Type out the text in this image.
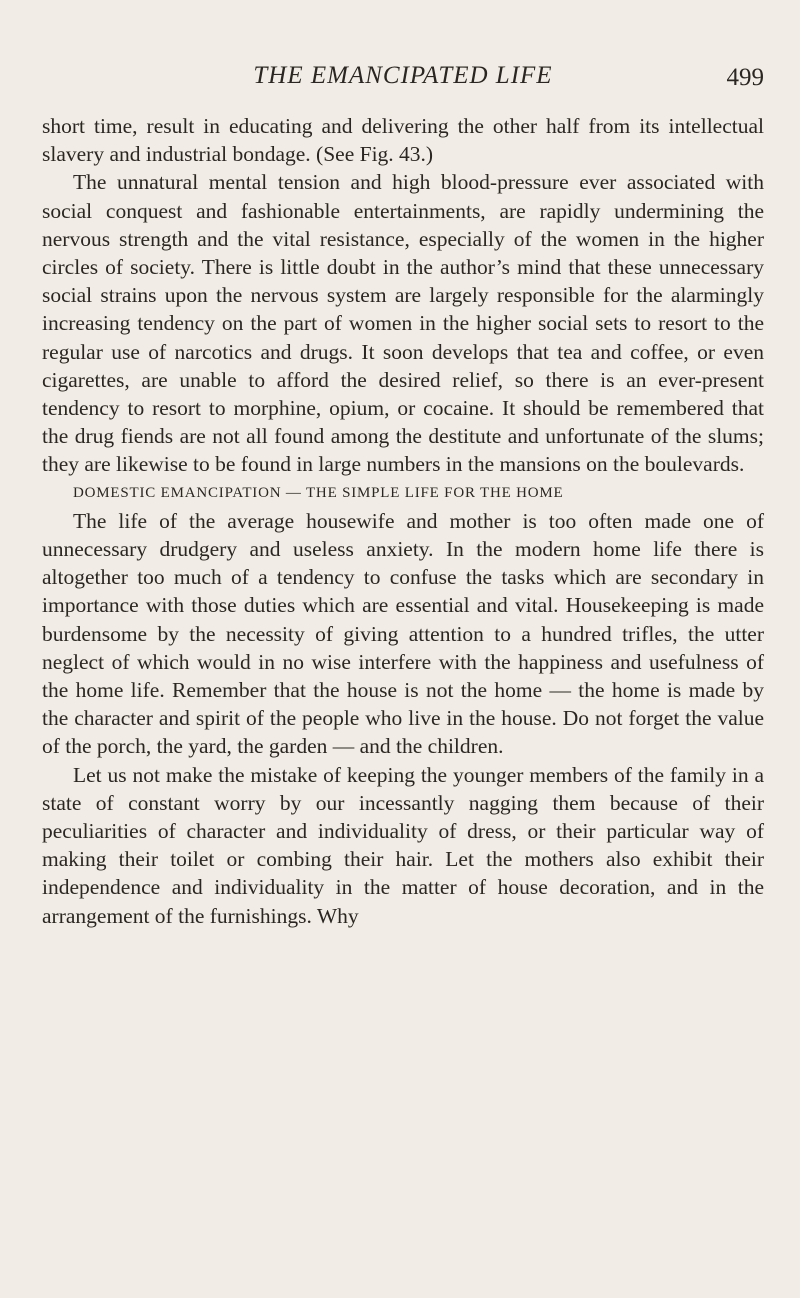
THE EMANCIPATED LIFE	499

short time, result in educating and delivering the other half from its intellectual slavery and industrial bondage. (See Fig. 43.)

The unnatural mental tension and high blood-pressure ever associated with social conquest and fashionable entertainments, are rapidly undermining the nervous strength and the vital resistance, especially of the women in the higher circles of society. There is little doubt in the author’s mind that these unnecessary social strains upon the nervous system are largely responsible for the alarmingly increasing tendency on the part of women in the higher social sets to resort to the regular use of narcotics and drugs. It soon develops that tea and coffee, or even cigarettes, are unable to afford the desired relief, so there is an ever-present tendency to resort to morphine, opium, or cocaine. It should be remembered that the drug fiends are not all found among the destitute and unfortunate of the slums; they are likewise to be found in large numbers in the mansions on the boulevards.

DOMESTIC EMANCIPATION — THE SIMPLE LIFE FOR THE HOME

The life of the average housewife and mother is too often made one of unnecessary drudgery and useless anxiety. In the modern home life there is altogether too much of a tendency to confuse the tasks which are secondary in importance with those duties which are essential and vital. Housekeeping is made burdensome by the necessity of giving attention to a hundred trifles, the utter neglect of which would in no wise interfere with the happiness and usefulness of the home life. Remember that the house is not the home — the home is made by the character and spirit of the people who live in the house. Do not forget the value of the porch, the yard, the garden — and the children.

Let us not make the mistake of keeping the younger members of the family in a state of constant worry by our incessantly nagging them because of their peculiarities of character and individuality of dress, or their particular way of making their toilet or combing their hair. Let the mothers also exhibit their independence and individuality in the matter of house decoration, and in the arrangement of the furnishings. Why
